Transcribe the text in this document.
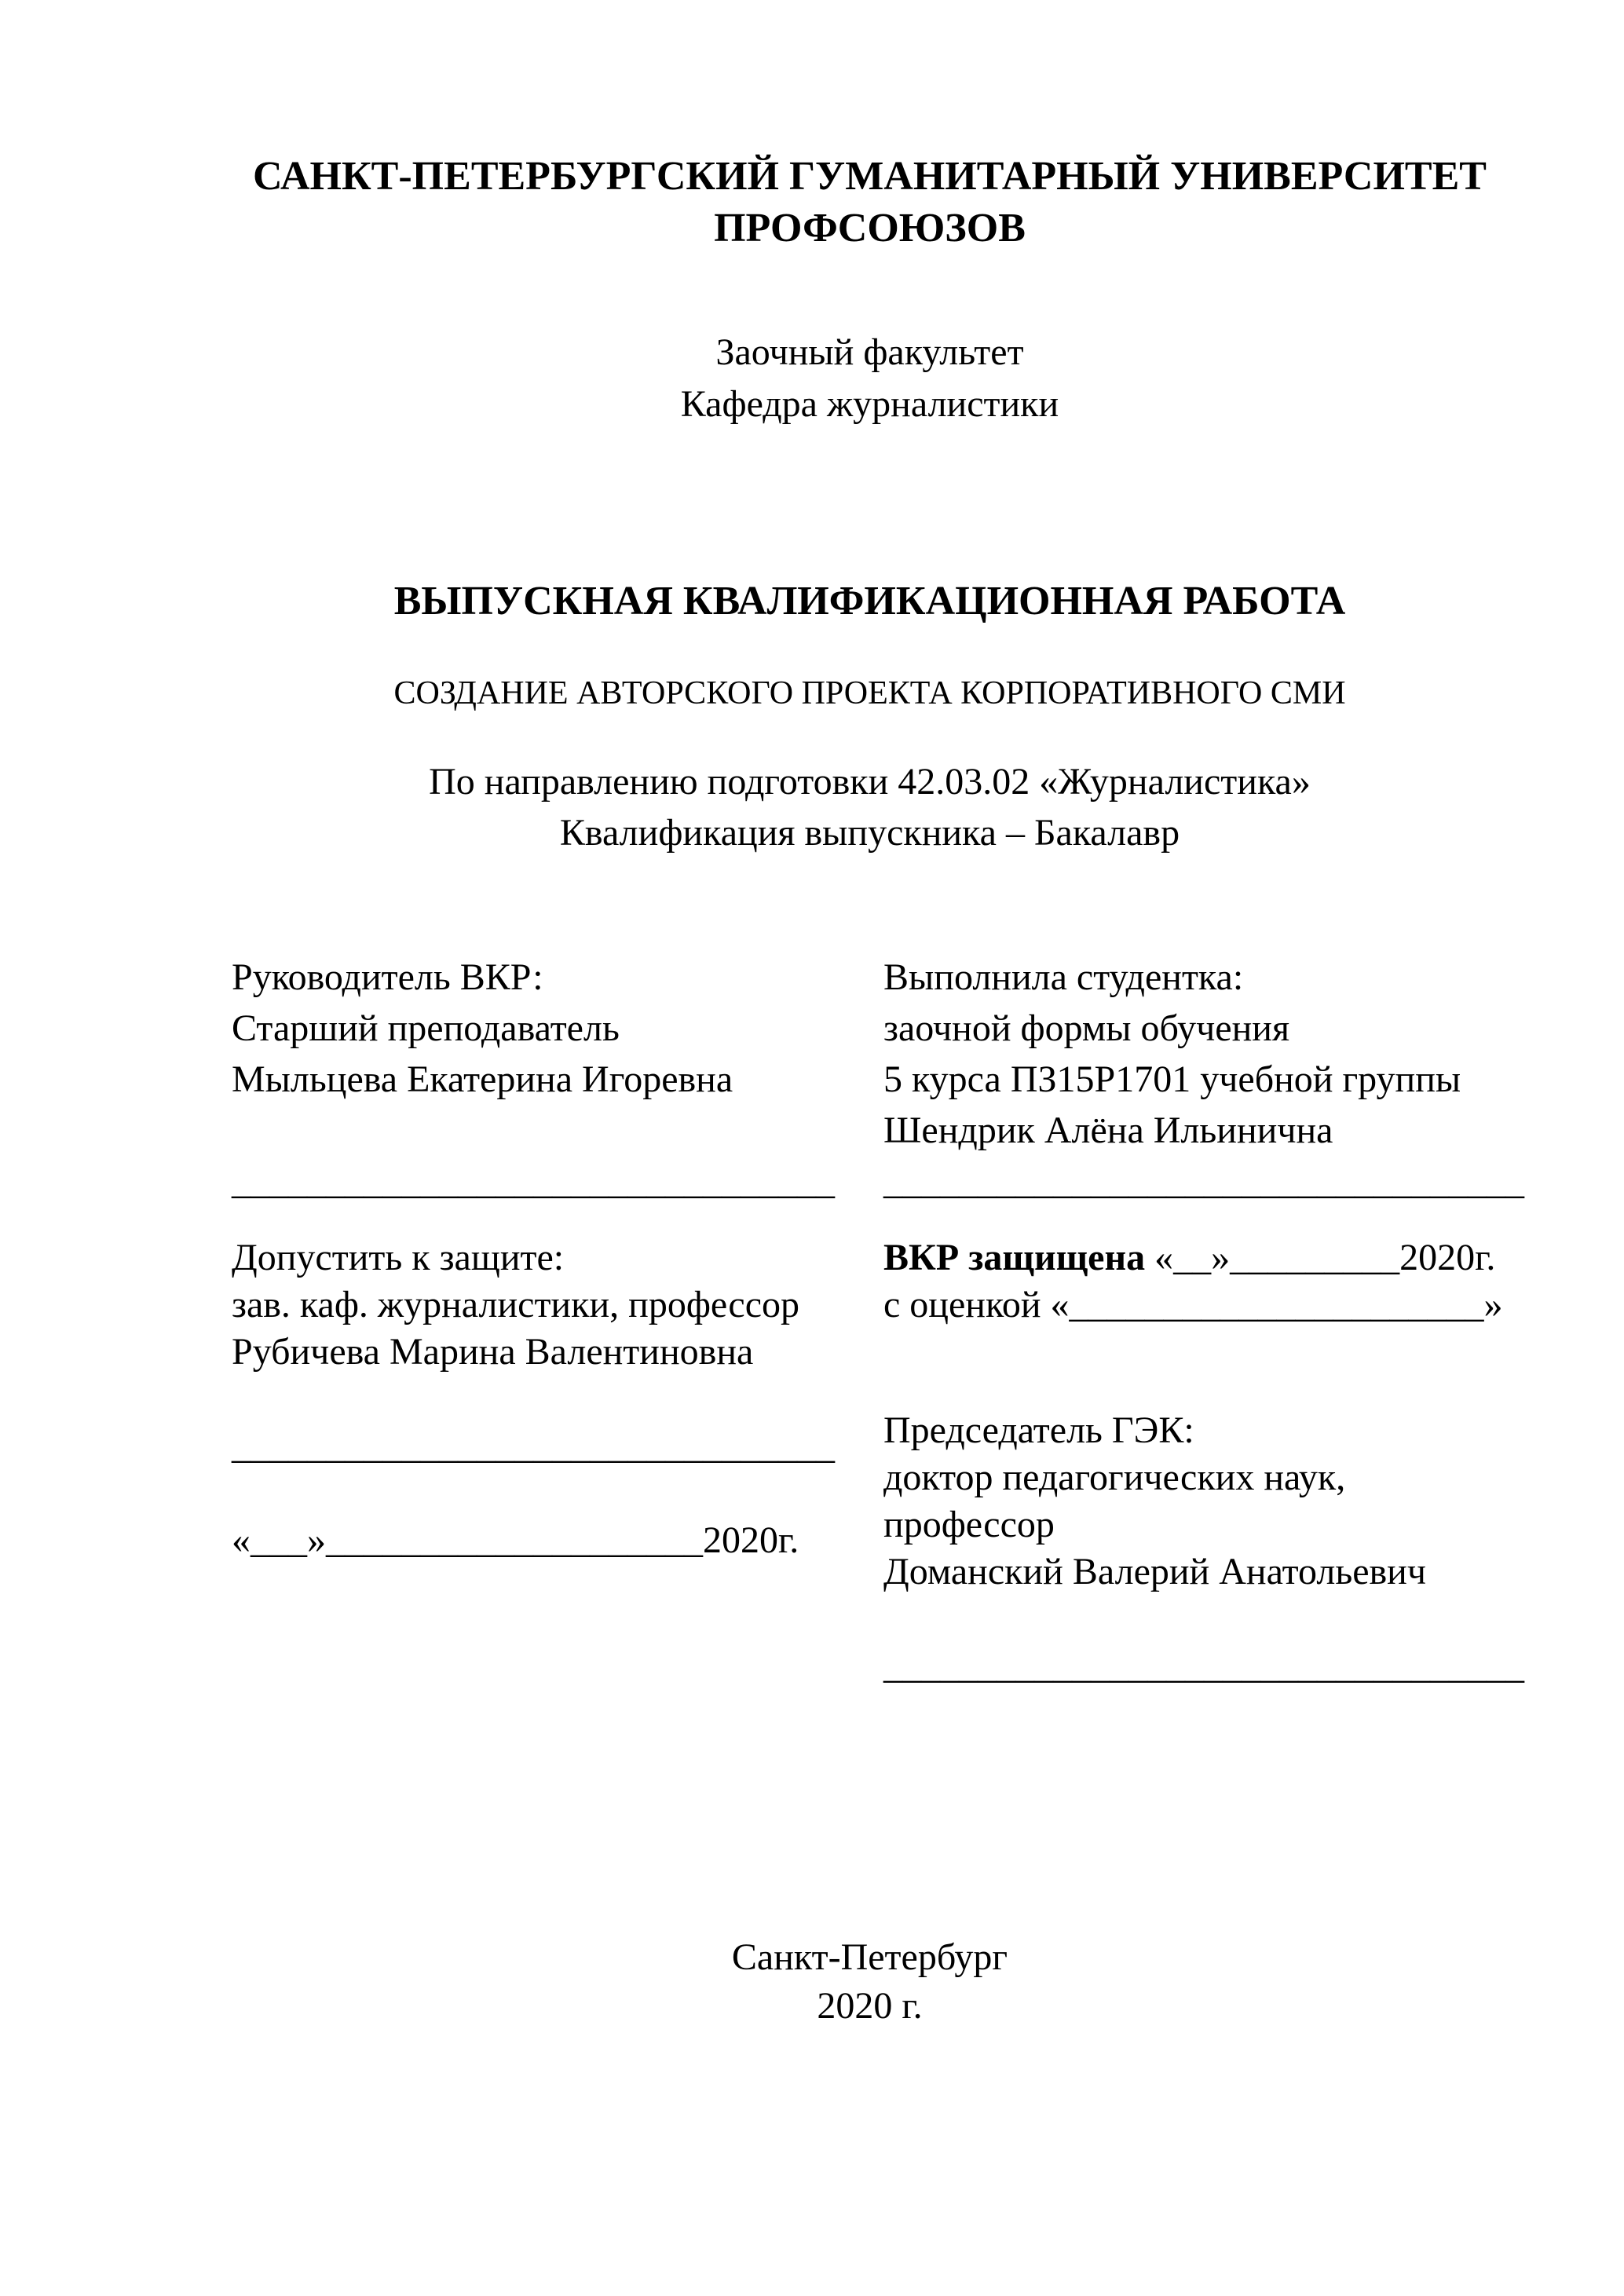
САНКТ-ПЕТЕРБУРГСКИЙ ГУМАНИТАРНЫЙ УНИВЕРСИТЕТ
ПРОФСОЮЗОВ
Заочный факультет
Кафедра журналистики
ВЫПУСКНАЯ КВАЛИФИКАЦИОННАЯ РАБОТА
СОЗДАНИЕ АВТОРСКОГО ПРОЕКТА КОРПОРАТИВНОГО СМИ
По направлению подготовки 42.03.02 «Журналистика»
Квалификация выпускника – Бакалавр
Руководитель ВКР:
Старший преподаватель
Мыльцева Екатерина Игоревна

________________________________
Допустить к защите:
зав. каф. журналистики, профессор
Рубичева Марина Валентиновна

________________________________

«___»____________________2020г.
Выполнила студентка:
заочной формы обучения
5 курса ПЗ15Р1701 учебной группы
Шендрик Алёна Ильинична
__________________________________
ВКР защищена «__»_________2020г.
с оценкой «______________________»
Председатель ГЭК:
доктор педагогических наук,
профессор
Доманский Валерий Анатольевич

__________________________________
Санкт-Петербург
2020 г.
